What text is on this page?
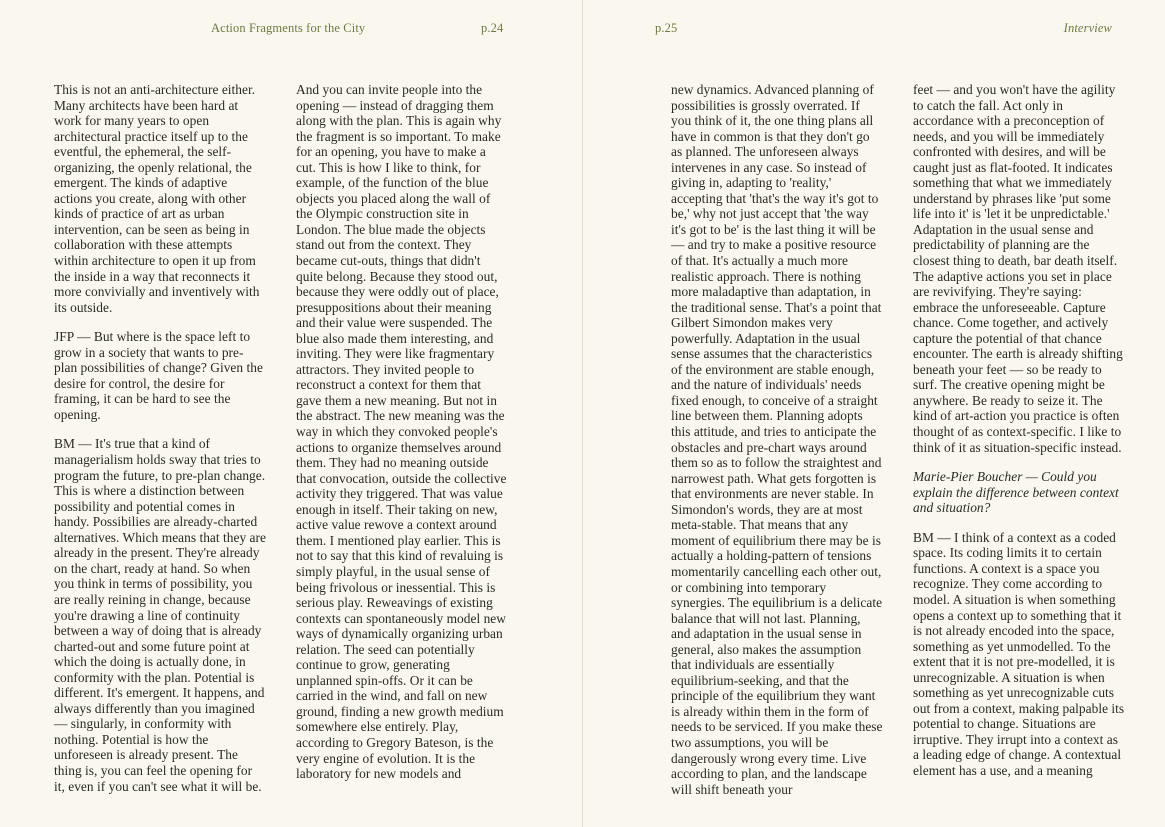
Action Fragments for the City	p.24

This is not an anti-architecture either. Many architects have been hard at work for many years to open architectural practice itself up to the eventful, the ephemeral, the self-organizing, the openly relational, the emergent. The kinds of adaptive actions you create, along with other kinds of practice of art as urban intervention, can be seen as being in collaboration with these attempts within architecture to open it up from the inside in a way that reconnects it more convivially and inventively with its outside.

JFP — But where is the space left to grow in a society that wants to pre-plan possibilities of change? Given the desire for control, the desire for framing, it can be hard to see the opening.

BM — It's true that a kind of managerialism holds sway that tries to program the future, to pre-plan change. This is where a distinction between possibility and potential comes in handy. Possibilies are already-charted alternatives. Which means that they are already in the present. They're already on the chart, ready at hand. So when you think in terms of possibility, you are really reining in change, because you're drawing a line of continuity between a way of doing that is already charted-out and some future point at which the doing is actually done, in conformity with the plan. Potential is different. It's emergent. It happens, and always differently than you imagined — singularly, in conformity with nothing. Potential is how the unforeseen is already present. The thing is, you can feel the opening for it, even if you can't see what it will be.

And you can invite people into the opening — instead of dragging them along with the plan. This is again why the fragment is so important. To make for an opening, you have to make a cut. This is how I like to think, for example, of the function of the blue objects you placed along the wall of the Olympic construction site in London. The blue made the objects stand out from the context. They became cut-outs, things that didn't quite belong. Because they stood out, because they were oddly out of place, presuppositions about their meaning and their value were suspended. The blue also made them interesting, and inviting. They were like fragmentary attractors. They invited people to reconstruct a context for them that gave them a new meaning. But not in the abstract. The new meaning was the way in which they convoked people's actions to organize themselves around them. They had no meaning outside that convocation, outside the collective activity they triggered. That was value enough in itself. Their taking on new, active value rewove a context around them. I mentioned play earlier. This is not to say that this kind of revaluing is simply playful, in the usual sense of being frivolous or inessential. This is serious play. Reweavings of existing contexts can spontaneously model new ways of dynamically organizing urban relation. The seed can potentially continue to grow, generating unplanned spin-offs. Or it can be carried in the wind, and fall on new ground, finding a new growth medium somewhere else entirely. Play, according to Gregory Bateson, is the very engine of evolution. It is the laboratory for new models and

p.25	Interview

new dynamics. Advanced planning of possibilities is grossly overrated. If you think of it, the one thing plans all have in common is that they don't go as planned. The unforeseen always intervenes in any case. So instead of giving in, adapting to 'reality,' accepting that 'that's the way it's got to be,' why not just accept that 'the way it's got to be' is the last thing it will be — and try to make a positive resource of that. It's actually a much more realistic approach. There is nothing more maladaptive than adaptation, in the traditional sense. That's a point that Gilbert Simondon makes very powerfully. Adaptation in the usual sense assumes that the characteristics of the environment are stable enough, and the nature of individuals' needs fixed enough, to conceive of a straight line between them. Planning adopts this attitude, and tries to anticipate the obstacles and pre-chart ways around them so as to follow the straightest and narrowest path. What gets forgotten is that environments are never stable. In Simondon's words, they are at most meta-stable. That means that any moment of equilibrium there may be is actually a holding-pattern of tensions momentarily cancelling each other out, or combining into temporary synergies. The equilibrium is a delicate balance that will not last. Planning, and adaptation in the usual sense in general, also makes the assumption that individuals are essentially equilibrium-seeking, and that the principle of the equilibrium they want is already within them in the form of needs to be serviced. If you make these two assumptions, you will be dangerously wrong every time. Live according to plan, and the landscape will shift beneath your

feet — and you won't have the agility to catch the fall. Act only in accordance with a preconception of needs, and you will be immediately confronted with desires, and will be caught just as flat-footed. It indicates something that what we immediately understand by phrases like 'put some life into it' is 'let it be unpredictable.' Adaptation in the usual sense and predictability of planning are the closest thing to death, bar death itself. The adaptive actions you set in place are revivifying. They're saying: embrace the unforeseeable. Capture chance. Come together, and actively capture the potential of that chance encounter. The earth is already shifting beneath your feet — so be ready to surf. The creative opening might be anywhere. Be ready to seize it. The kind of art-action you practice is often thought of as context-specific. I like to think of it as situation-specific instead.

Marie-Pier Boucher — Could you explain the difference between context and situation?

BM — I think of a context as a coded space. Its coding limits it to certain functions. A context is a space you recognize. They come according to model. A situation is when something opens a context up to something that it is not already encoded into the space, something as yet unmodelled. To the extent that it is not pre-modelled, it is unrecognizable. A situation is when something as yet unrecognizable cuts out from a context, making palpable its potential to change. Situations are irruptive. They irrupt into a context as a leading edge of change. A contextual element has a use, and a meaning
